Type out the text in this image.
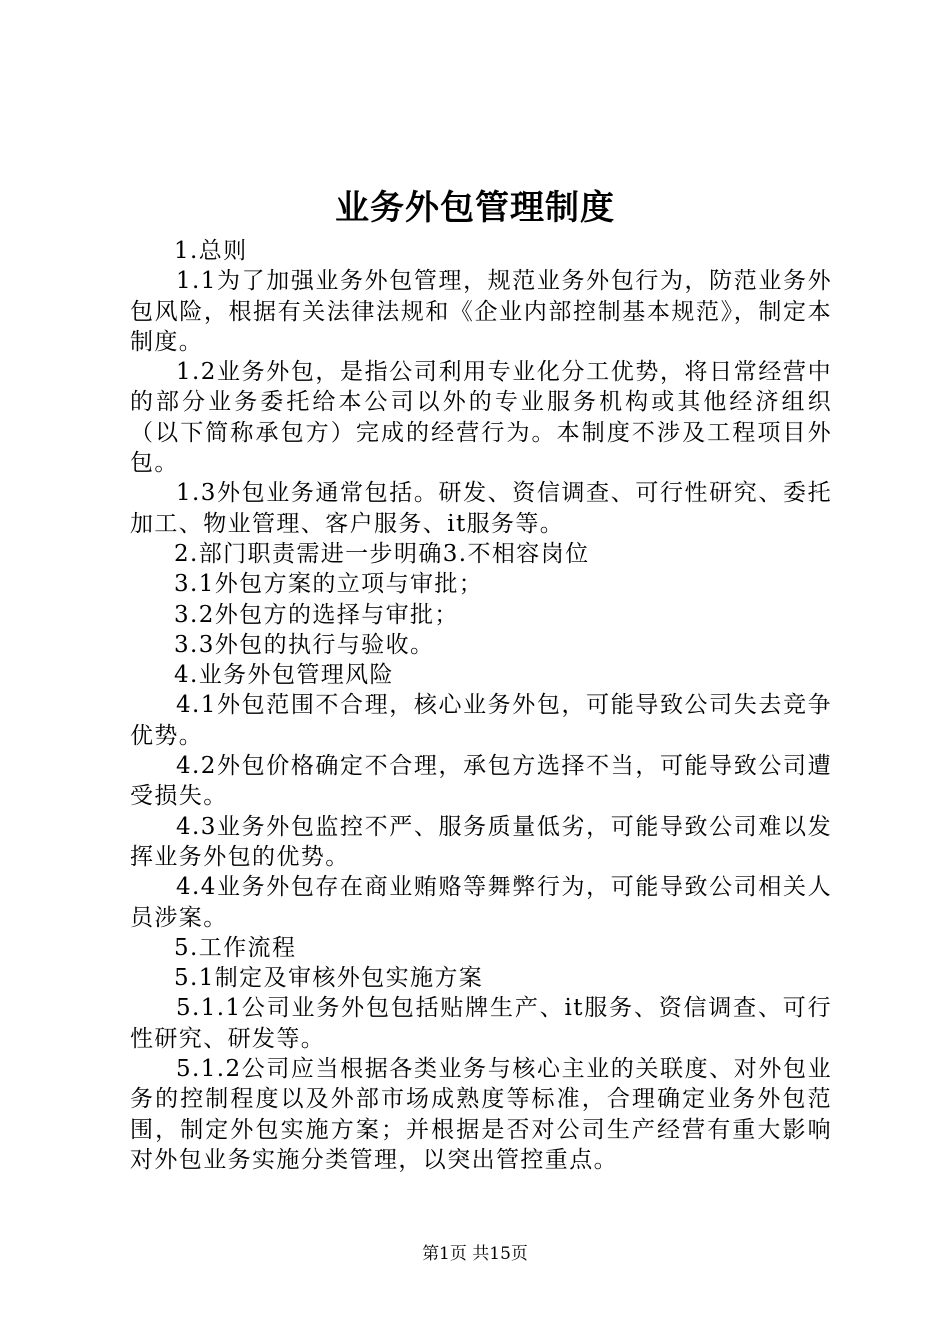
业务外包管理制度

1.总则

1.1为了加强业务外包管理，规范业务外包行为，防范业务外包风险，根据有关法律法规和《企业内部控制基本规范》，制定本制度。

1.2业务外包，是指公司利用专业化分工优势，将日常经营中的部分业务委托给本公司以外的专业服务机构或其他经济组织（以下简称承包方）完成的经营行为。本制度不涉及工程项目外包。

1.3外包业务通常包括。研发、资信调查、可行性研究、委托加工、物业管理、客户服务、it服务等。

2.部门职责需进一步明确3.不相容岗位

3.1外包方案的立项与审批；

3.2外包方的选择与审批；

3.3外包的执行与验收。

4.业务外包管理风险

4.1外包范围不合理，核心业务外包，可能导致公司失去竞争优势。

4.2外包价格确定不合理，承包方选择不当，可能导致公司遭受损失。

4.3业务外包监控不严、服务质量低劣，可能导致公司难以发挥业务外包的优势。

4.4业务外包存在商业贿赂等舞弊行为，可能导致公司相关人员涉案。

5.工作流程

5.1制定及审核外包实施方案

5.1.1公司业务外包包括贴牌生产、it服务、资信调查、可行性研究、研发等。

5.1.2公司应当根据各类业务与核心主业的关联度、对外包业务的控制程度以及外部市场成熟度等标准，合理确定业务外包范围，制定外包实施方案；并根据是否对公司生产经营有重大影响对外包业务实施分类管理，以突出管控重点。

第1页 共15页
